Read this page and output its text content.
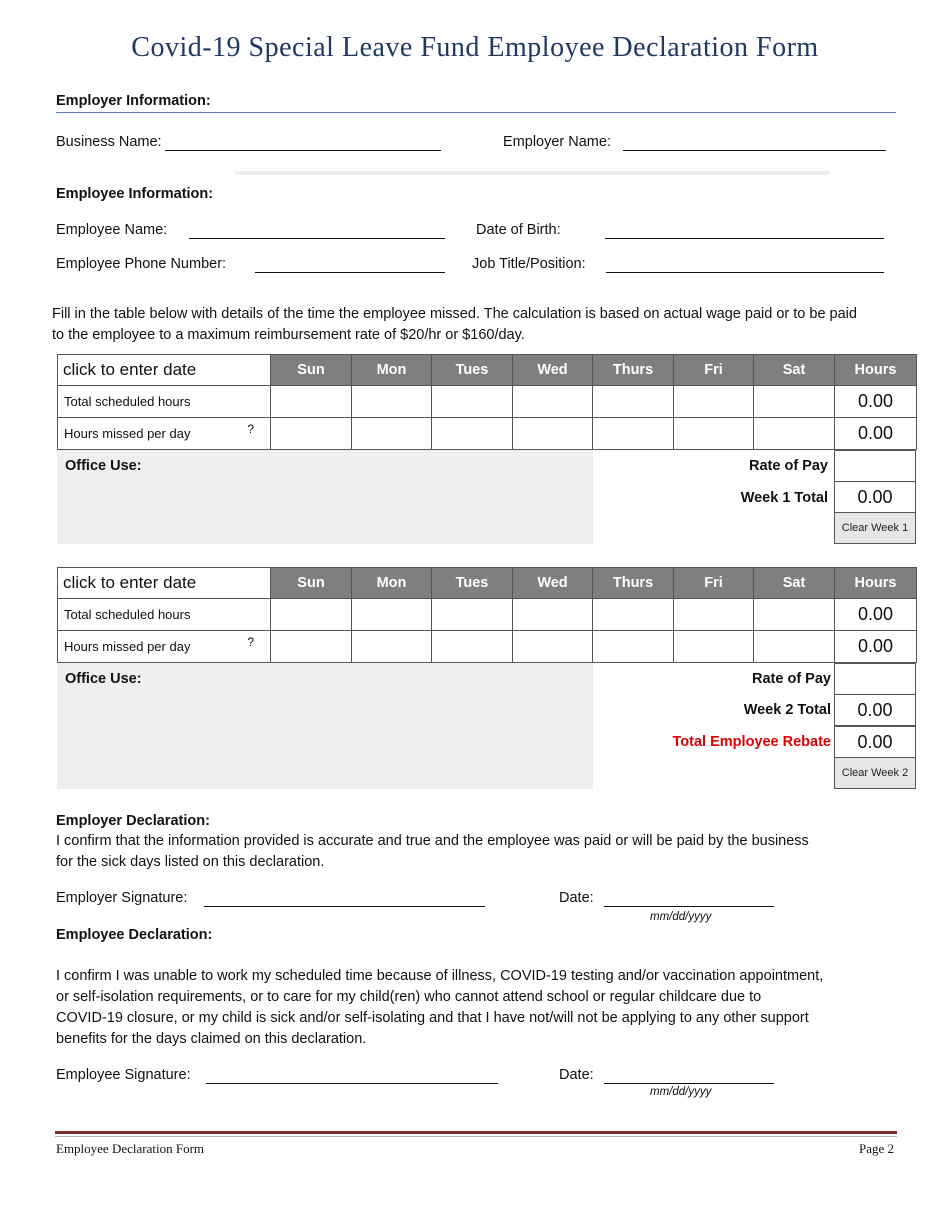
Covid-19 Special Leave Fund Employee Declaration Form
Employer Information:
Business Name:	Employer Name:
Employee Information:
Employee Name:	Date of Birth:
Employee Phone Number:	Job Title/Position:
Fill in the table below with details of the time the employee missed. The calculation is based on actual wage paid or to be paid
to the employee to a maximum reimbursement rate of $20/hr or $160/day.
click to enter date	Sun	Mon	Tues	Wed	Thurs	Fri	Sat	Hours
Total scheduled hours								0.00
Hours missed per day ?								0.00
Office Use:	Rate of Pay
Week 1 Total	0.00
Clear Week 1
click to enter date	Sun	Mon	Tues	Wed	Thurs	Fri	Sat	Hours
Total scheduled hours								0.00
Hours missed per day ?								0.00
Office Use:	Rate of Pay
Week 2 Total	0.00
Total Employee Rebate	0.00
Clear Week 2
Employer Declaration:
I confirm that the information provided is accurate and true and the employee was paid or will be paid by the business
for the sick days listed on this declaration.
Employer Signature:	Date:
mm/dd/yyyy
Employee Declaration:
I confirm I was unable to work my scheduled time because of illness, COVID-19 testing and/or vaccination appointment,
or self-isolation requirements, or to care for my child(ren) who cannot attend school or regular childcare due to
COVID-19 closure, or my child is sick and/or self-isolating and that I have not/will not be applying to any other support
benefits for the days claimed on this declaration.
Employee Signature:	Date:
mm/dd/yyyy
Employee Declaration Form	Page 2
